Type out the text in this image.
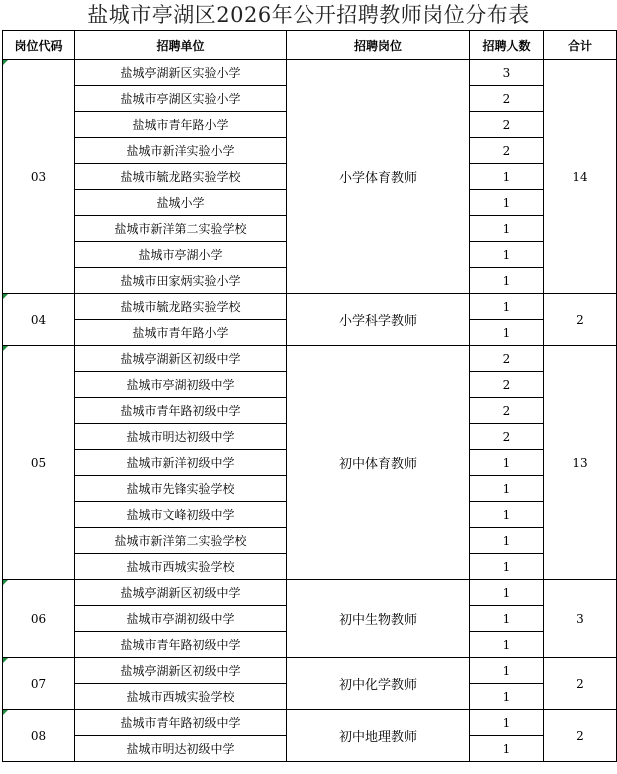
盐城市亭湖区2026年公开招聘教师岗位分布表
岗位代码	招聘单位	招聘岗位	招聘人数	合计
03	盐城亭湖新区实验小学	小学体育教师	3	14
	盐城市亭湖区实验小学		2	
	盐城市青年路小学		2	
	盐城市新洋实验小学		2	
	盐城市毓龙路实验学校		1	
	盐城小学		1	
	盐城市新洋第二实验学校		1	
	盐城市亭湖小学		1	
	盐城市田家炳实验小学		1	
04	盐城市毓龙路实验学校	小学科学教师	1	2
	盐城市青年路小学		1	
05	盐城亭湖新区初级中学	初中体育教师	2	13
	盐城市亭湖初级中学		2	
	盐城市青年路初级中学		2	
	盐城市明达初级中学		2	
	盐城市新洋初级中学		1	
	盐城市先锋实验学校		1	
	盐城市文峰初级中学		1	
	盐城市新洋第二实验学校		1	
	盐城市西城实验学校		1	
06	盐城亭湖新区初级中学	初中生物教师	1	3
	盐城市亭湖初级中学		1	
	盐城市青年路初级中学		1	
07	盐城亭湖新区初级中学	初中化学教师	1	2
	盐城市西城实验学校		1	
08	盐城市青年路初级中学	初中地理教师	1	2
	盐城市明达初级中学		1	
